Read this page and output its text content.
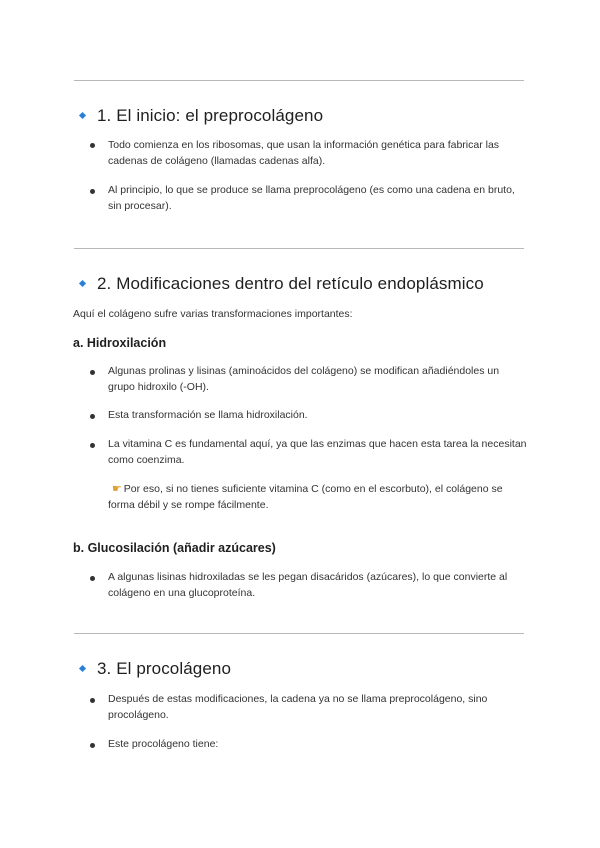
1. El inicio: el preprocolágeno
Todo comienza en los ribosomas, que usan la información genética para fabricar las cadenas de colágeno (llamadas cadenas alfa).
Al principio, lo que se produce se llama preprocolágeno (es como una cadena en bruto, sin procesar).
2. Modificaciones dentro del retículo endoplásmico
Aquí el colágeno sufre varias transformaciones importantes:
a. Hidroxilación
Algunas prolinas y lisinas (aminoácidos del colágeno) se modifican añadiéndoles un grupo hidroxilo (-OH).
Esta transformación se llama hidroxilación.
La vitamina C es fundamental aquí, ya que las enzimas que hacen esta tarea la necesitan como coenzima.
☛ Por eso, si no tienes suficiente vitamina C (como en el escorbuto), el colágeno se forma débil y se rompe fácilmente.
b. Glucosilación (añadir azúcares)
A algunas lisinas hidroxiladas se les pegan disacáridos (azúcares), lo que convierte al colágeno en una glucoproteína.
3. El procolágeno
Después de estas modificaciones, la cadena ya no se llama preprocolágeno, sino procolágeno.
Este procolágeno tiene:
